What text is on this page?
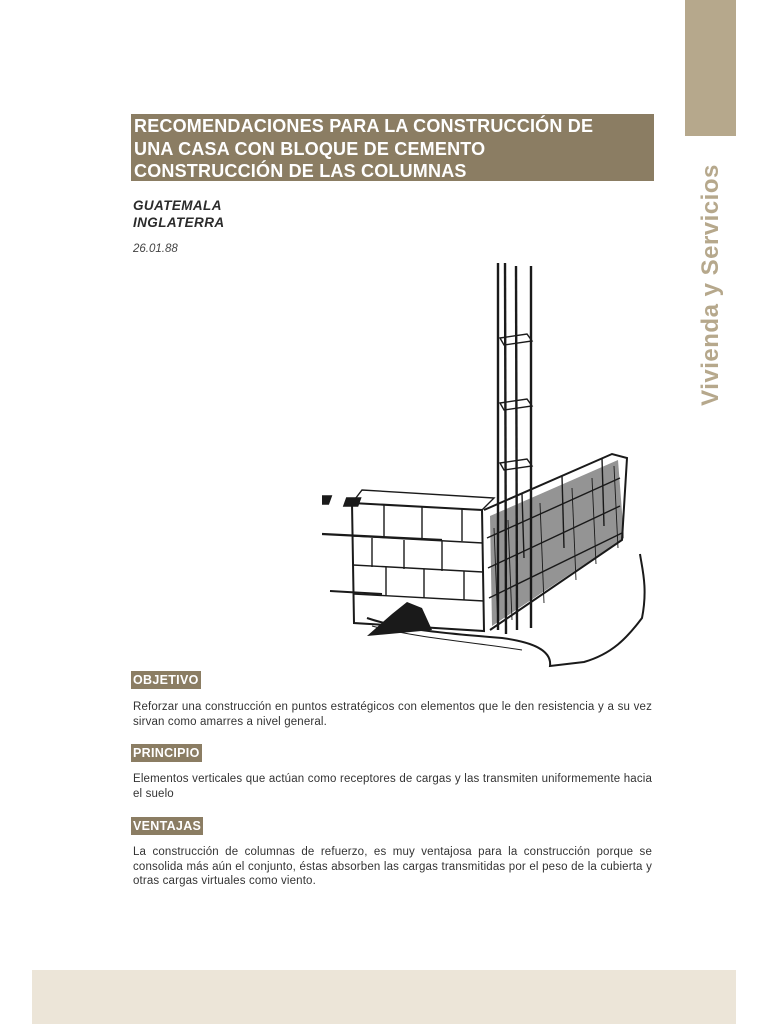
Vivienda y Servicios
RECOMENDACIONES PARA LA CONSTRUCCIÓN DE
UNA CASA CON BLOQUE DE CEMENTO
CONSTRUCCIÓN DE LAS COLUMNAS
GUATEMALA
INGLATERRA
26.01.88
OBJETIVO
Reforzar una construcción en puntos estratégicos con elementos que le den resistencia y a su vez sirvan como amarres a nivel general.
PRINCIPIO
Elementos verticales que actúan como receptores de cargas y las transmiten uniformemente hacia el suelo
VENTAJAS
La construcción de columnas de refuerzo, es muy ventajosa para la construcción porque se consolida más aún el conjunto, éstas absorben las cargas transmitidas por el peso de la cubierta y otras cargas virtuales como viento.
